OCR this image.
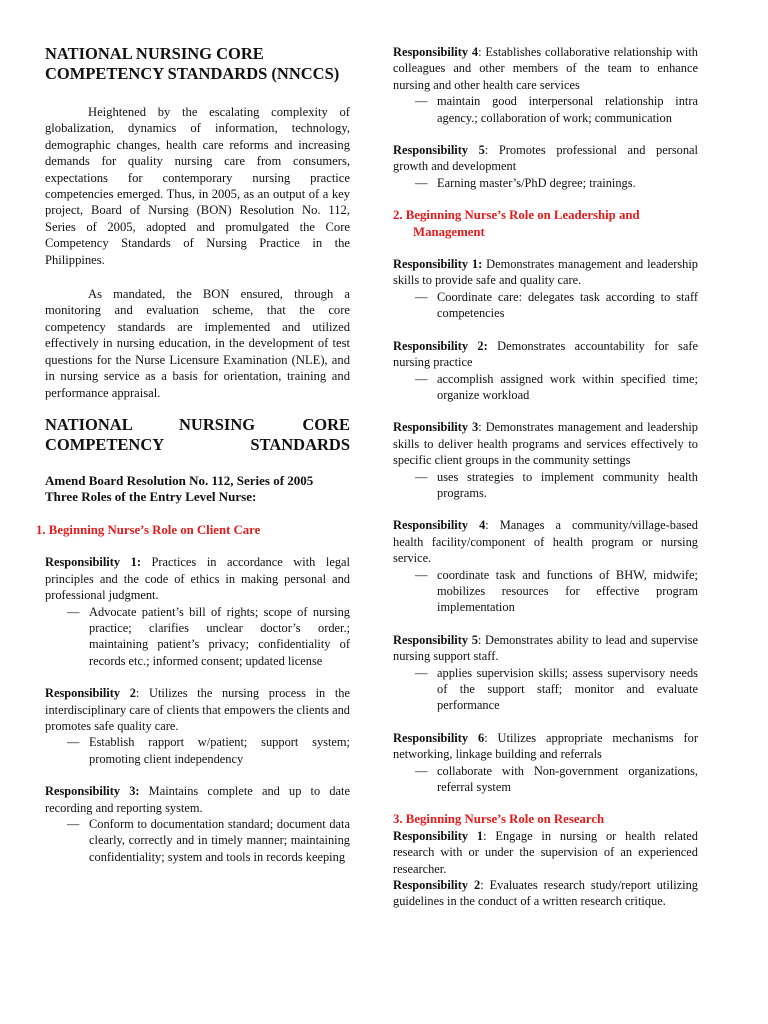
NATIONAL NURSING CORE COMPETENCY STANDARDS (NNCCS)

Heightened by the escalating complexity of globalization, dynamics of information, technology, demographic changes, health care reforms and increasing demands for quality nursing care from consumers, expectations for contemporary nursing practice competencies emerged. Thus, in 2005, as an output of a key project, Board of Nursing (BON) Resolution No. 112, Series of 2005, adopted and promulgated the Core Competency Standards of Nursing Practice in the Philippines.

As mandated, the BON ensured, through a monitoring and evaluation scheme, that the core competency standards are implemented and utilized effectively in nursing education, in the development of test questions for the Nurse Licensure Examination (NLE), and in nursing service as a basis for orientation, training and performance appraisal.

NATIONAL NURSING CORE COMPETENCY STANDARDS

Amend Board Resolution No. 112, Series of 2005

Three Roles of the Entry Level Nurse:

1. Beginning Nurse’s Role on Client Care

Responsibility 1: Practices in accordance with legal principles and the code of ethics in making personal and professional judgment.

— Advocate patient’s bill of rights; scope of nursing practice; clarifies unclear doctor’s order.; maintaining patient’s privacy; confidentiality of records etc.; informed consent; updated license

Responsibility 2: Utilizes the nursing process in the interdisciplinary care of clients that empowers the clients and promotes safe quality care.

— Establish rapport w/patient; support system; promoting client independency

Responsibility 3: Maintains complete and up to date recording and reporting system.

— Conform to documentation standard; document data clearly, correctly and in timely manner; maintaining confidentiality; system and tools in records keeping

Responsibility 4: Establishes collaborative relationship with colleagues and other members of the team to enhance nursing and other health care services

— maintain good interpersonal relationship intra agency.; collaboration of work; communication

Responsibility 5: Promotes professional and personal growth and development

— Earning master’s/PhD degree; trainings.

2. Beginning Nurse’s Role on Leadership and Management

Responsibility 1: Demonstrates management and leadership skills to provide safe and quality care.

— Coordinate care: delegates task according to staff competencies

Responsibility 2: Demonstrates accountability for safe nursing practice

— accomplish assigned work within specified time; organize workload

Responsibility 3: Demonstrates management and leadership skills to deliver health programs and services effectively to specific client groups in the community settings

— uses strategies to implement community health programs.

Responsibility 4: Manages a community/village-based health facility/component of health program or nursing service.

— coordinate task and functions of BHW, midwife; mobilizes resources for effective program implementation

Responsibility 5: Demonstrates ability to lead and supervise nursing support staff.

— applies supervision skills; assess supervisory needs of the support staff; monitor and evaluate performance

Responsibility 6: Utilizes appropriate mechanisms for networking, linkage building and referrals

— collaborate with Non-government organizations, referral system

3. Beginning Nurse’s Role on Research

Responsibility 1: Engage in nursing or health related research with or under the supervision of an experienced researcher.

Responsibility 2: Evaluates research study/report utilizing guidelines in the conduct of a written research critique.
